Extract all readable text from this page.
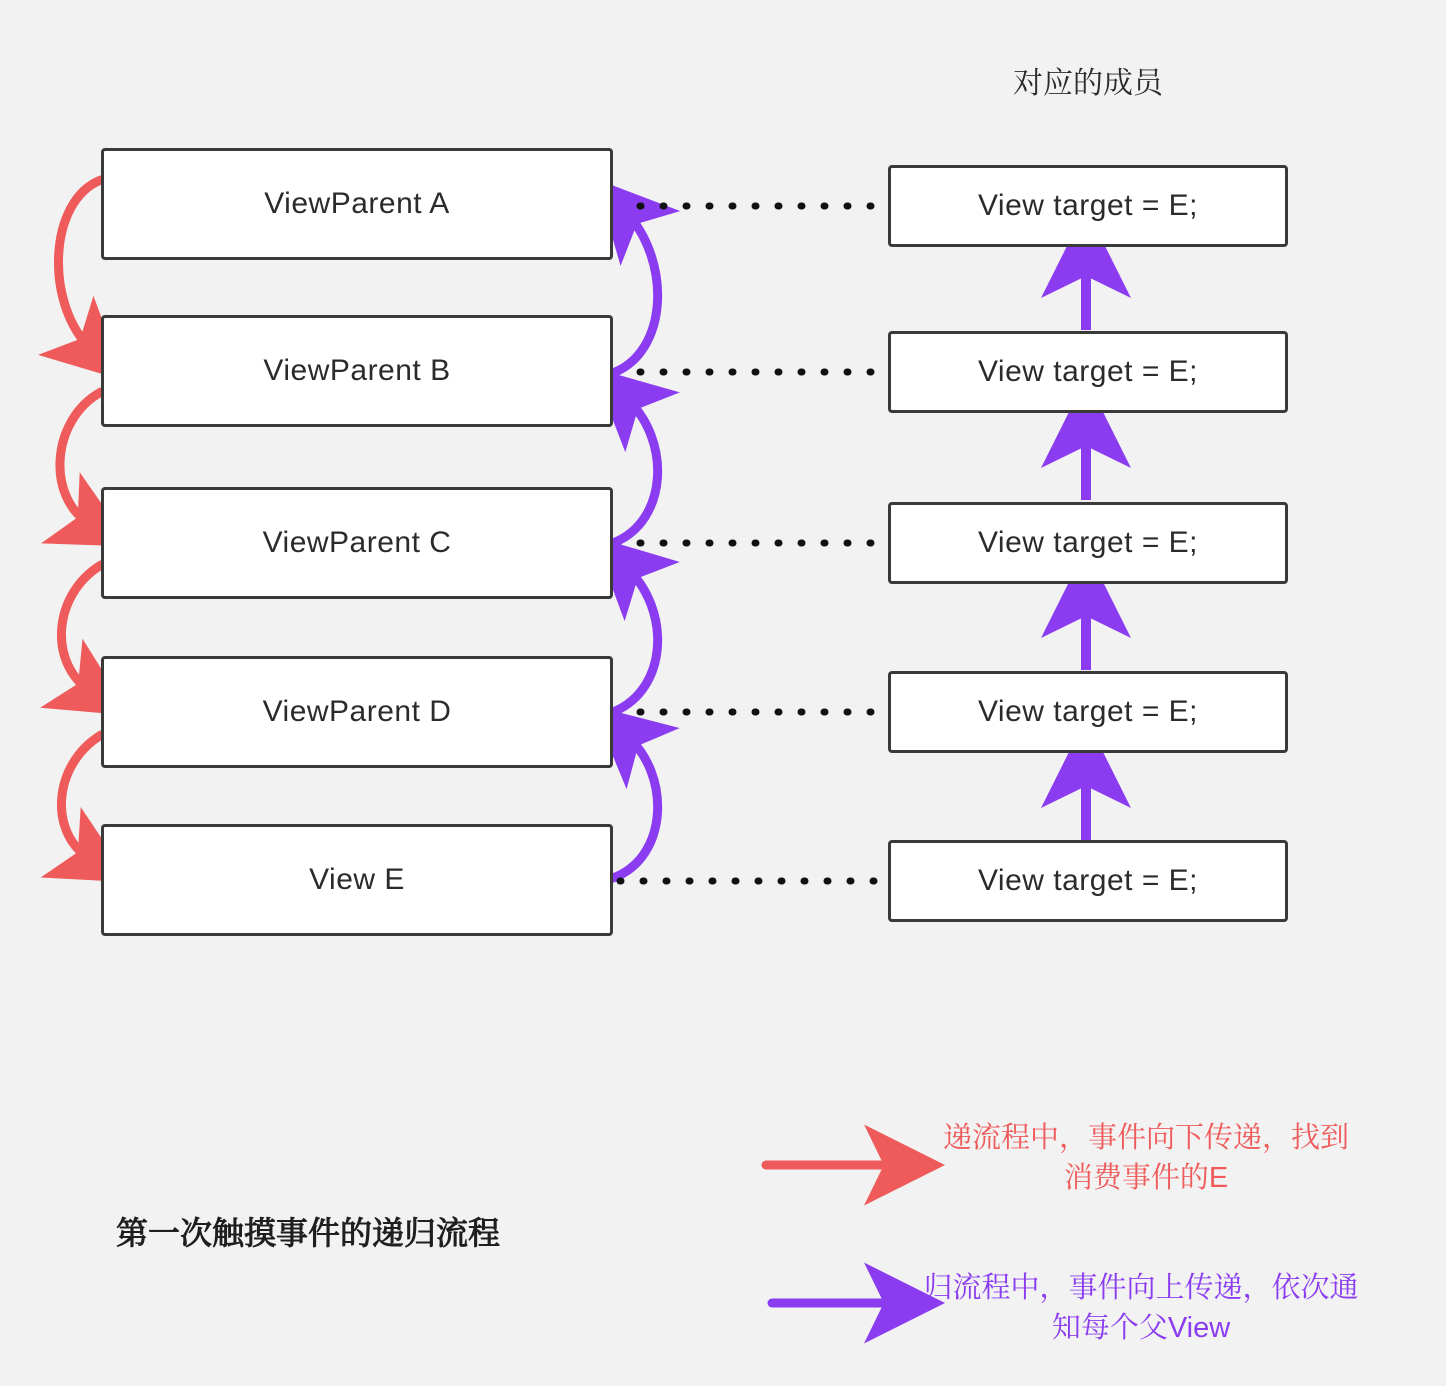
对应的成员
ViewParent A
ViewParent B
ViewParent C
ViewParent D
View E
View target = E;
View target = E;
View target = E;
View target = E;
View target = E;
第一次触摸事件的递归流程
递流程中，事件向下传递，找到消费事件的E
归流程中，事件向上传递，依次通知每个父View
